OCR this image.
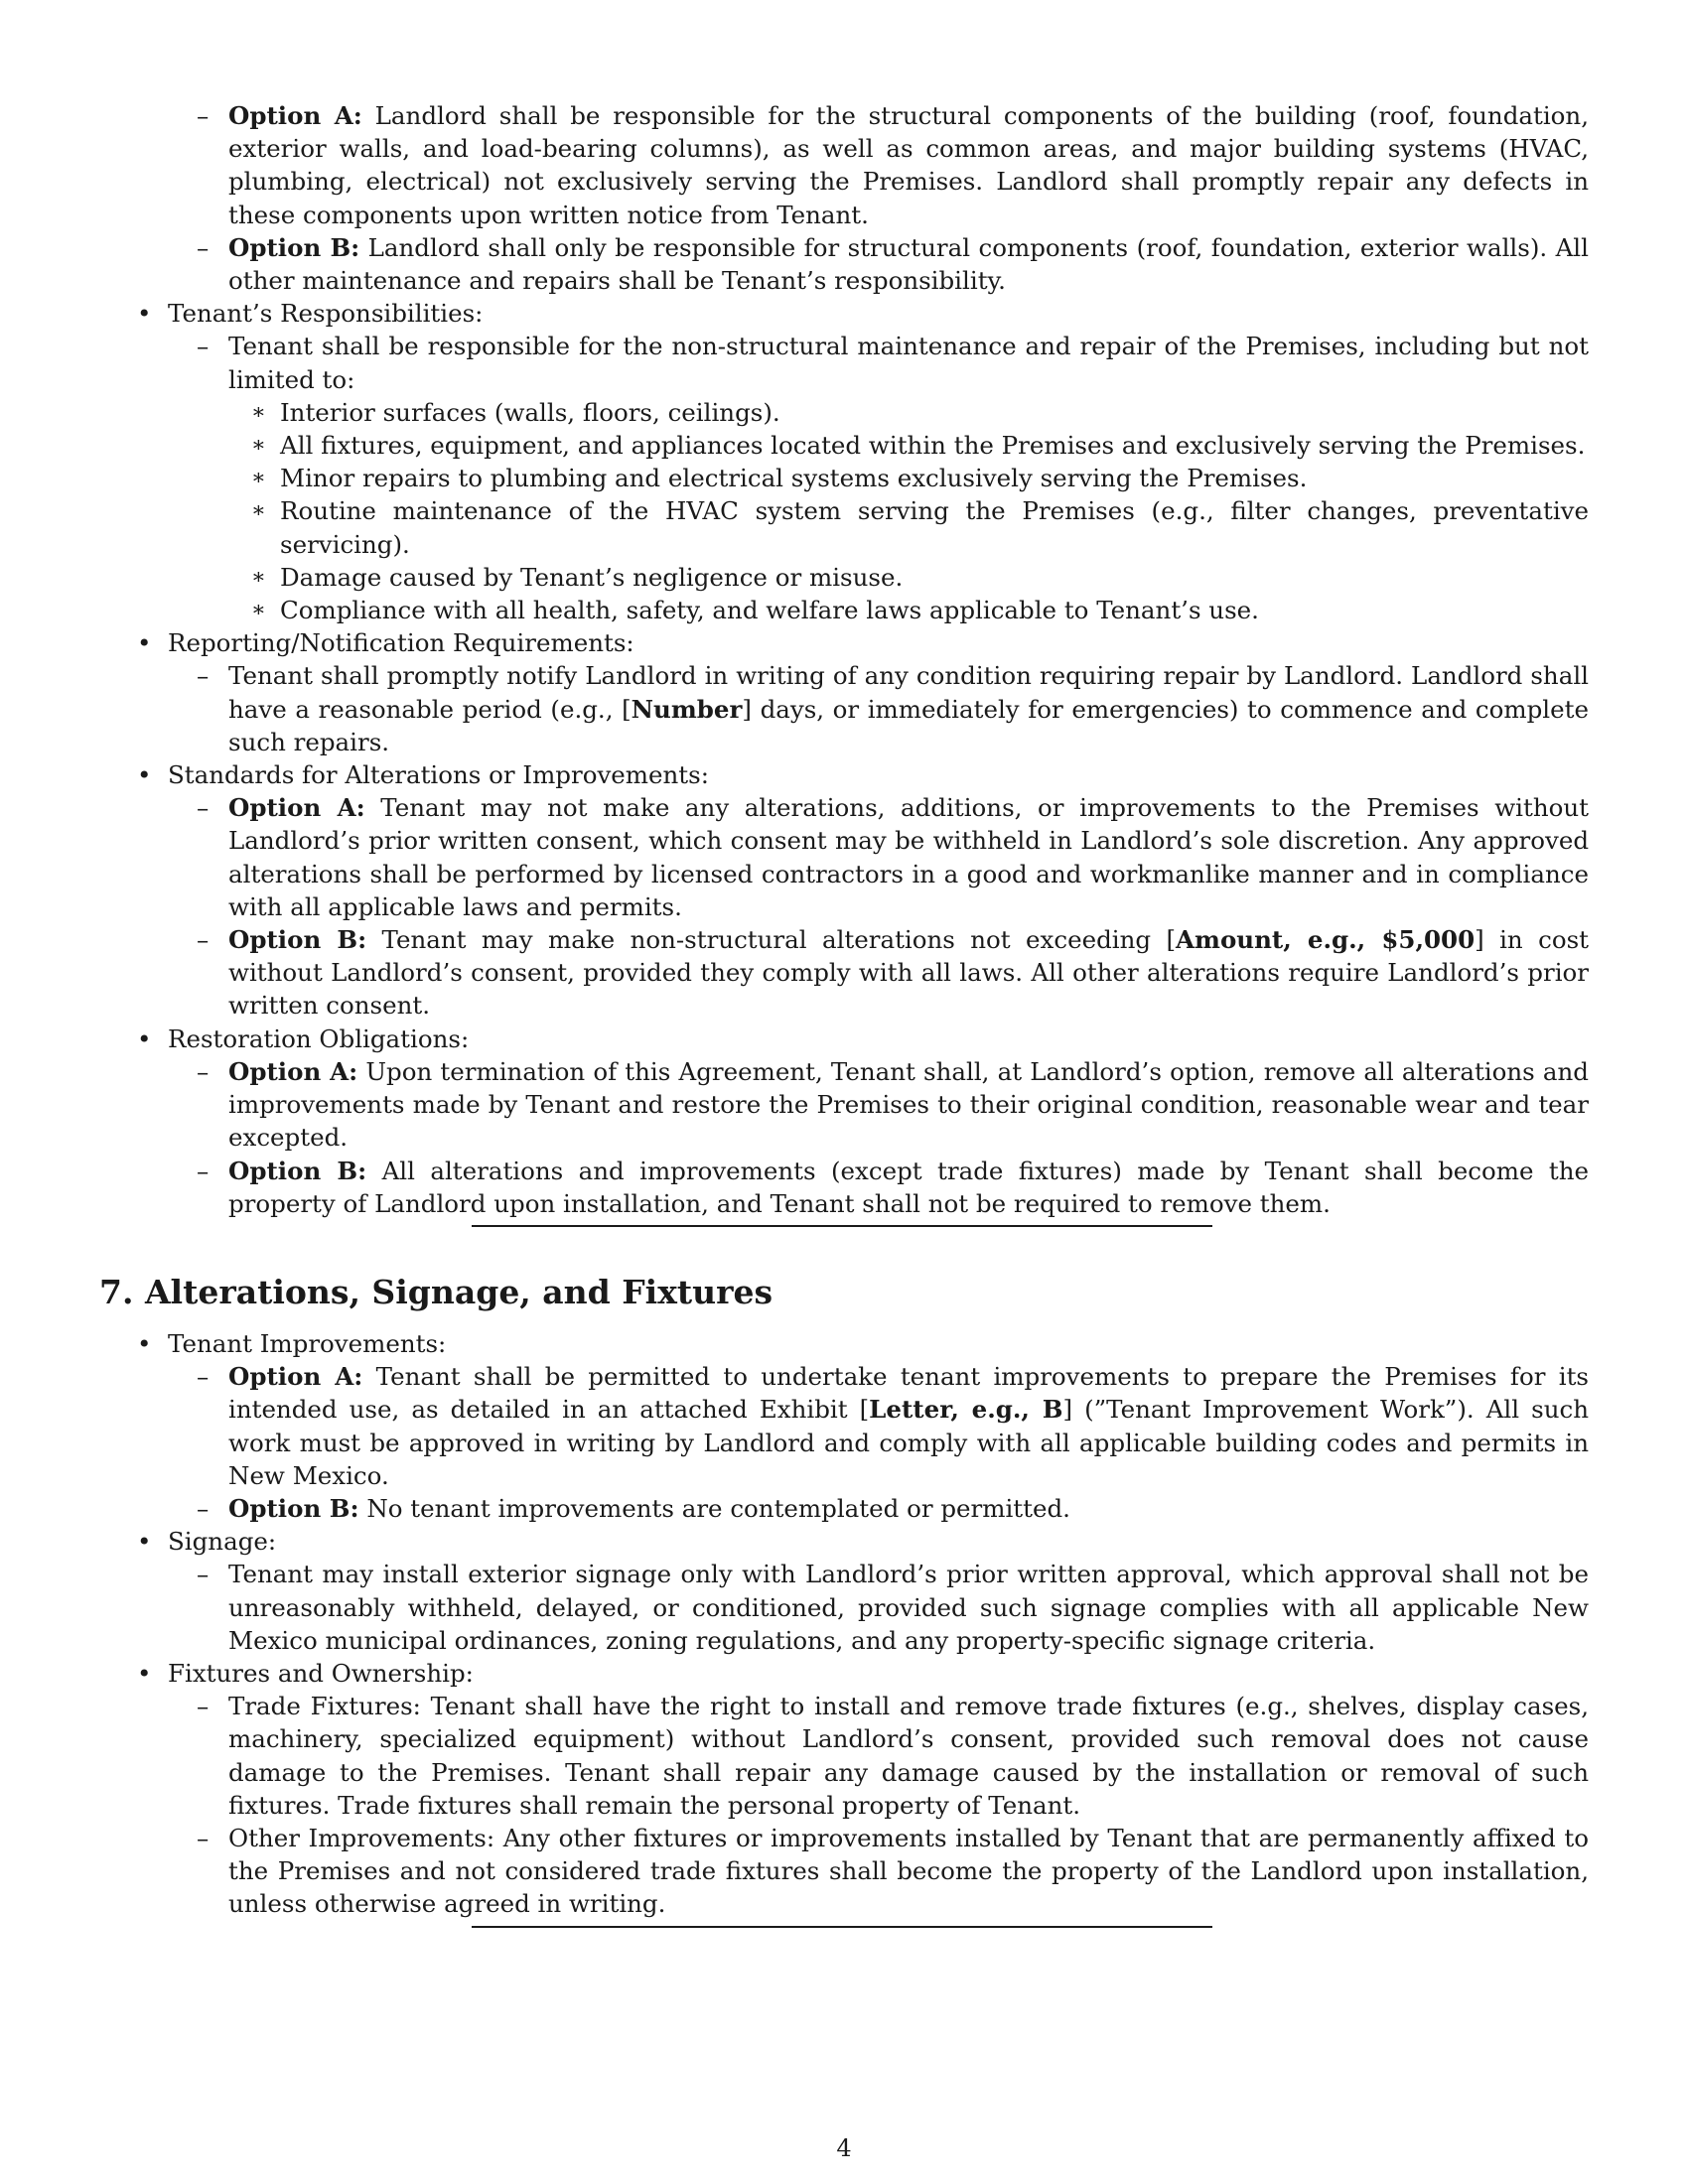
– Option A: Landlord shall be responsible for the structural components of the building (roof, foundation, exterior walls, and load-bearing columns), as well as common areas, and major building systems (HVAC, plumbing, electrical) not exclusively serving the Premises. Landlord shall promptly repair any defects in these components upon written notice from Tenant.
– Option B: Landlord shall only be responsible for structural components (roof, foundation, exterior walls). All other maintenance and repairs shall be Tenant’s responsibility.
• Tenant’s Responsibilities:
– Tenant shall be responsible for the non-structural maintenance and repair of the Premises, including but not limited to:
∗ Interior surfaces (walls, floors, ceilings).
∗ All fixtures, equipment, and appliances located within the Premises and exclusively serving the Premises.
∗ Minor repairs to plumbing and electrical systems exclusively serving the Premises.
∗ Routine maintenance of the HVAC system serving the Premises (e.g., filter changes, preventative servicing).
∗ Damage caused by Tenant’s negligence or misuse.
∗ Compliance with all health, safety, and welfare laws applicable to Tenant’s use.
• Reporting/Notification Requirements:
– Tenant shall promptly notify Landlord in writing of any condition requiring repair by Landlord. Landlord shall have a reasonable period (e.g., [Number] days, or immediately for emergencies) to commence and complete such repairs.
• Standards for Alterations or Improvements:
– Option A: Tenant may not make any alterations, additions, or improvements to the Premises without Landlord’s prior written consent, which consent may be withheld in Landlord’s sole discretion. Any approved alterations shall be performed by licensed contractors in a good and workmanlike manner and in compliance with all applicable laws and permits.
– Option B: Tenant may make non-structural alterations not exceeding [Amount, e.g., $5,000] in cost without Landlord’s consent, provided they comply with all laws. All other alterations require Landlord’s prior written consent.
• Restoration Obligations:
– Option A: Upon termination of this Agreement, Tenant shall, at Landlord’s option, remove all alterations and improvements made by Tenant and restore the Premises to their original condition, reasonable wear and tear excepted.
– Option B: All alterations and improvements (except trade fixtures) made by Tenant shall become the property of Landlord upon installation, and Tenant shall not be required to remove them.
7. Alterations, Signage, and Fixtures
• Tenant Improvements:
– Option A: Tenant shall be permitted to undertake tenant improvements to prepare the Premises for its intended use, as detailed in an attached Exhibit [Letter, e.g., B] (”Tenant Improvement Work”). All such work must be approved in writing by Landlord and comply with all applicable building codes and permits in New Mexico.
– Option B: No tenant improvements are contemplated or permitted.
• Signage:
– Tenant may install exterior signage only with Landlord’s prior written approval, which approval shall not be unreasonably withheld, delayed, or conditioned, provided such signage complies with all applicable New Mexico municipal ordinances, zoning regulations, and any property-specific signage criteria.
• Fixtures and Ownership:
– Trade Fixtures: Tenant shall have the right to install and remove trade fixtures (e.g., shelves, display cases, machinery, specialized equipment) without Landlord’s consent, provided such removal does not cause damage to the Premises. Tenant shall repair any damage caused by the installation or removal of such fixtures. Trade fixtures shall remain the personal property of Tenant.
– Other Improvements: Any other fixtures or improvements installed by Tenant that are permanently affixed to the Premises and not considered trade fixtures shall become the property of the Landlord upon installation, unless otherwise agreed in writing.
4
